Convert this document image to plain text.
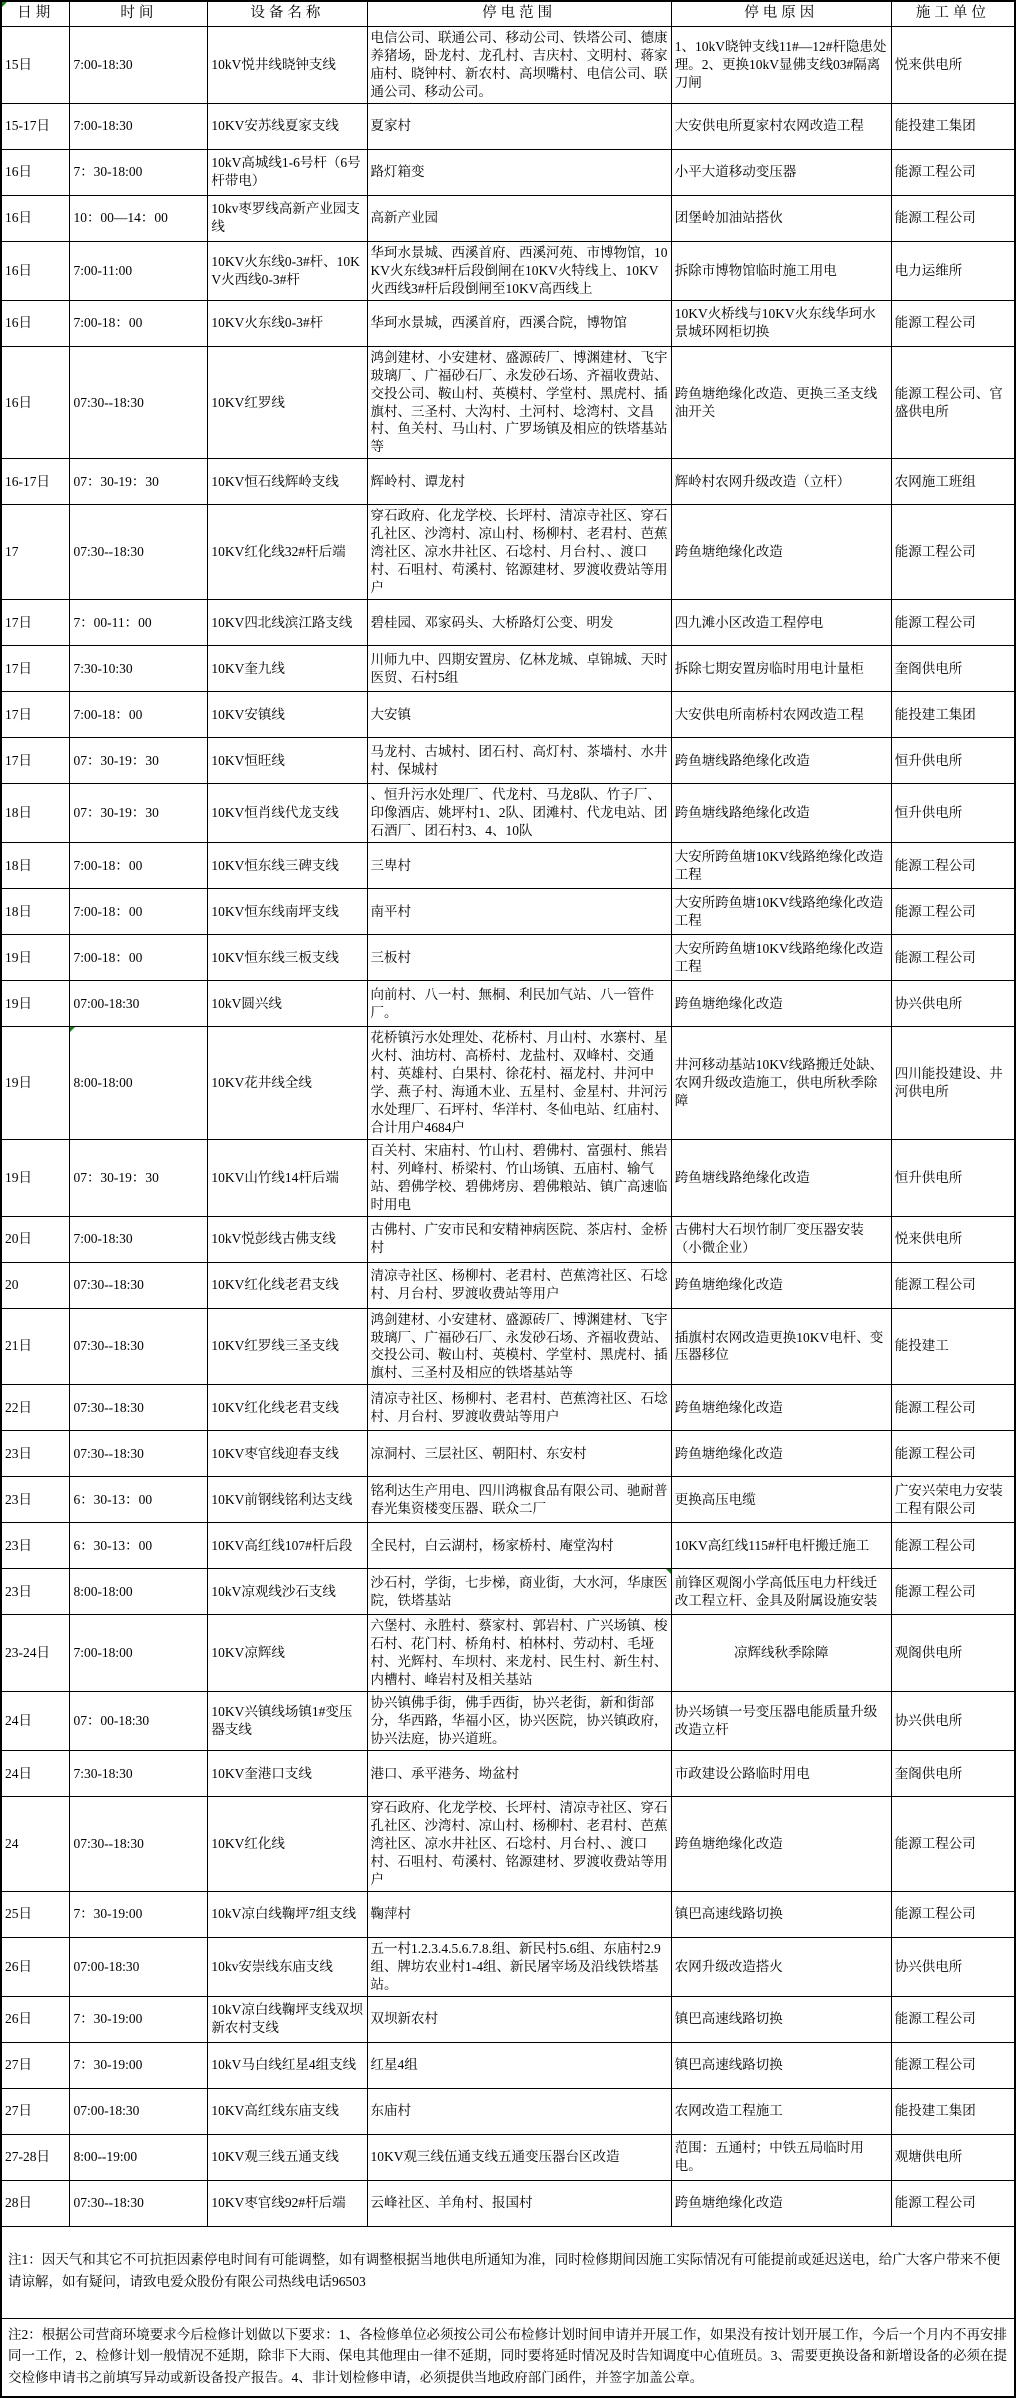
日期	时间	设备名称	停电范围	停电原因	施工单位
15日	7:00-18:30	10kV悦井线晓钟支线	电信公司、联通公司、移动公司、铁塔公司、德康养猪场，卧龙村、龙孔村、吉庆村、文明村、蒋家庙村、晓钟村、新农村、高坝嘴村、电信公司、联通公司、移动公司。	1、10kV晓钟支线11#—12#杆隐患处理。2、更换10kV显佛支线03#隔离刀闸	悦来供电所
15-17日	7:00-18:30	10KV安苏线夏家支线	夏家村	大安供电所夏家村农网改造工程	能投建工集团
16日	7：30-18:00	10kV高城线1-6号杆（6号杆带电）	路灯箱变	小平大道移动变压器	能源工程公司
16日	10：00—14：00	10kv枣罗线高新产业园支线	高新产业园	团堡岭加油站搭伙	能源工程公司
16日	7:00-11:00	10KV火东线0-3#杆、10KV火西线0-3#杆	华珂水景城、西溪首府、西溪河苑、市博物馆，10KV火东线3#杆后段倒闸在10KV火特线上、10KV火西线3#杆后段倒闸至10KV高西线上	拆除市博物馆临时施工用电	电力运维所
16日	7:00-18：00	10KV火东线0-3#杆	华珂水景城，西溪首府，西溪合院，博物馆	10KV火桥线与10KV火东线华珂水景城环网柜切换	能源工程公司
16日	07:30--18:30	10KV红罗线	鸿剑建材、小安建材、盛源砖厂、博渊建材、飞宇玻璃厂、广福砂石厂、永发砂石场、齐福收费站、交投公司、鞍山村、英模村、学堂村、黑虎村、插旗村、三圣村、大沟村、土河村、埝湾村、文昌村、鱼关村、马山村、广罗场镇及相应的铁塔基站等	跨鱼塘绝缘化改造、更换三圣支线油开关	能源工程公司、官盛供电所
16-17日	07：30-19：30	10KV恒石线辉岭支线	辉岭村、谭龙村	辉岭村农网升级改造（立杆）	农网施工班组
17	07:30--18:30	10KV红化线32#杆后端	穿石政府、化龙学校、长坪村、清凉寺社区、穿石孔社区、沙湾村、凉山村、杨柳村、老君村、芭蕉湾社区、凉水井社区、石埝村、月台村、、渡口村、石咀村、苟溪村、铭源建材、罗渡收费站等用户	跨鱼塘绝缘化改造	能源工程公司
17日	7：00-11：00	10KV四北线滨江路支线	碧桂园、邓家码头、大桥路灯公变、明发	四九滩小区改造工程停电	能源工程公司
17日	7:30-10:30	10KV奎九线	川师九中、四期安置房、亿林龙城、卓锦城、天时医贸、石村5组	拆除七期安置房临时用电计量柜	奎阁供电所
17日	7:00-18：00	10KV安镇线	大安镇	大安供电所南桥村农网改造工程	能投建工集团
17日	07：30-19：30	10KV恒旺线	马龙村、古城村、团石村、高灯村、茶墙村、水井村、保城村	跨鱼塘线路绝缘化改造	恒升供电所
18日	07：30-19：30	10KV恒肖线代龙支线	、恒升污水处理厂、代龙村、马龙8队、竹子厂、印像酒店、姚坪村1、2队、团滩村、代龙电站、团石酒厂、团石村3、4、10队	跨鱼塘线路绝缘化改造	恒升供电所
18日	7:00-18：00	10KV恒东线三碑支线	三卑村	大安所跨鱼塘10KV线路绝缘化改造工程	能源工程公司
18日	7:00-18：00	10KV恒东线南坪支线	南平村	大安所跨鱼塘10KV线路绝缘化改造工程	能源工程公司
19日	7:00-18：00	10KV恒东线三板支线	三板村	大安所跨鱼塘10KV线路绝缘化改造工程	能源工程公司
19日	07:00-18:30	10kV圆兴线	向前村、八一村、無桐、利民加气站、八一管件厂。	跨鱼塘绝缘化改造	协兴供电所
19日	8:00-18:00	10KV花井线全线	花桥镇污水处理处、花桥村、月山村、水寨村、星火村、油坊村、高桥村、龙盐村、双峰村、交通村、英雄村、白果村、徐花村、福龙村、井河中学、燕子村、海通木业、五星村、金星村、井河污水处理厂、石坪村、华洋村、冬仙电站、红庙村、合计用户4684户	井河移动基站10KV线路搬迁处缺、农网升级改造施工，供电所秋季除障	四川能投建设、井河供电所
19日	07：30-19：30	10KV山竹线14杆后端	百关村、宋庙村、竹山村、碧佛村、富强村、熊岩村、列峰村、桥梁村、竹山场镇、五庙村、输气站、碧佛学校、碧佛烤房、碧佛粮站、镇广高速临时用电	跨鱼塘线路绝缘化改造	恒升供电所
20日	7:00-18:30	10kV悦彭线古佛支线	古佛村、广安市民和安精神病医院、茶店村、金桥村	古佛村大石坝竹制厂变压器安装（小微企业）	悦来供电所
20	07:30--18:30	10KV红化线老君支线	清凉寺社区、杨柳村、老君村、芭蕉湾社区、石埝村、月台村、罗渡收费站等用户	跨鱼塘绝缘化改造	能源工程公司
21日	07:30--18:30	10KV红罗线三圣支线	鸿剑建材、小安建材、盛源砖厂、博渊建材、飞宇玻璃厂、广福砂石厂、永发砂石场、齐福收费站、交投公司、鞍山村、英模村、学堂村、黑虎村、插旗村、三圣村及相应的铁塔基站等	插旗村农网改造更换10KV电杆、变压器移位	能投建工
22日	07:30--18:30	10KV红化线老君支线	清凉寺社区、杨柳村、老君村、芭蕉湾社区、石埝村、月台村、罗渡收费站等用户	跨鱼塘绝缘化改造	能源工程公司
23日	07:30--18:30	10KV枣官线迎春支线	凉洞村、三层社区、朝阳村、东安村	跨鱼塘绝缘化改造	能源工程公司
23日	6：30-13：00	10KV前钢线铭利达支线	铭利达生产用电、四川鸿椒食品有限公司、驰耐普春光集资楼变压器、联众二厂	更换高压电缆	广安兴荣电力安装工程有限公司
23日	6：30-13：00	10KV高红线107#杆后段	全民村，白云湖村，杨家桥村、庵堂沟村	10KV高红线115#杆电杆搬迁施工	能源工程公司
23日	8:00-18:00	10kV凉观线沙石支线	沙石村，学街，七步梯，商业街，大水河，华康医院，铁塔基站	前锋区观阁小学高低压电力杆线迁改工程立杆、金具及附属设施安装	能源工程公司
23-24日	7:00-18:00	10KV凉辉线	六堡村、永胜村、蔡家村、郭岩村、广兴场镇、梭石村、花门村、桥角村、柏林村、劳动村、毛垭村、光辉村、车坝村、来龙村、民生村、新生村、内槽村、峰岩村及相关基站	凉辉线秋季除障	观阁供电所
24日	07：00-18:30	10KV兴镇线场镇1#变压器支线	协兴镇佛手街，佛手西街，协兴老街，新和街部分，华西路，华福小区，协兴医院，协兴镇政府，协兴法庭，协兴道班。	协兴场镇一号变压器电能质量升级改造立杆	协兴供电所
24日	7:30-18:30	10KV奎港口支线	港口、承平港务、坳盆村	市政建设公路临时用电	奎阁供电所
24	07:30--18:30	10KV红化线	穿石政府、化龙学校、长坪村、清凉寺社区、穿石孔社区、沙湾村、凉山村、杨柳村、老君村、芭蕉湾社区、凉水井社区、石埝村、月台村、、渡口村、石咀村、苟溪村、铭源建材、罗渡收费站等用户	跨鱼塘绝缘化改造	能源工程公司
25日	7：30-19:00	10kV凉白线鞠坪7组支线	鞠萍村	镇巴高速线路切换	能源工程公司
26日	07:00-18:30	10kv安崇线东庙支线	五一村1.2.3.4.5.6.7.8.组、新民村5.6组、东庙村2.9组、牌坊农业村1-4组、新民屠宰场及沿线铁塔基站。	农网升级改造搭火	协兴供电所
26日	7：30-19:00	10kV凉白线鞠坪支线双坝新农村支线	双坝新农村	镇巴高速线路切换	能源工程公司
27日	7：30-19:00	10kV马白线红星4组支线	红星4组	镇巴高速线路切换	能源工程公司
27日	07:00-18:30	10KV高红线东庙支线	东庙村	农网改造工程施工	能投建工集团
27-28日	8:00--19:00	10KV观三线五通支线	10KV观三线伍通支线五通变压器台区改造	范围：五通村；中铁五局临时用电。	观塘供电所
28日	07:30--18:30	10KV枣官线92#杆后端	云峰社区、羊角村、报国村	跨鱼塘绝缘化改造	能源工程公司
注1：因天气和其它不可抗拒因素停电时间有可能调整，如有调整根据当地供电所通知为准，同时检修期间因施工实际情况有可能提前或延迟送电，给广大客户带来不便请谅解，如有疑问，请致电爱众股份有限公司热线电话96503					
注2：根据公司营商环境要求今后检修计划做以下要求：1、各检修单位必须按公司公布检修计划时间申请并开展工作，如果没有按计划开展工作，今后一个月内不再安排同一工作，2、检修计划一般情况不延期，除非下大雨、保电其他理由一律不延期，同时要将延时情况及时告知调度中心值班员。3、需要更换设备和新增设备的必须在提交检修申请书之前填写异动或新设备投产报告。4、非计划检修申请，必须提供当地政府部门函件，并签字加盖公章。					
